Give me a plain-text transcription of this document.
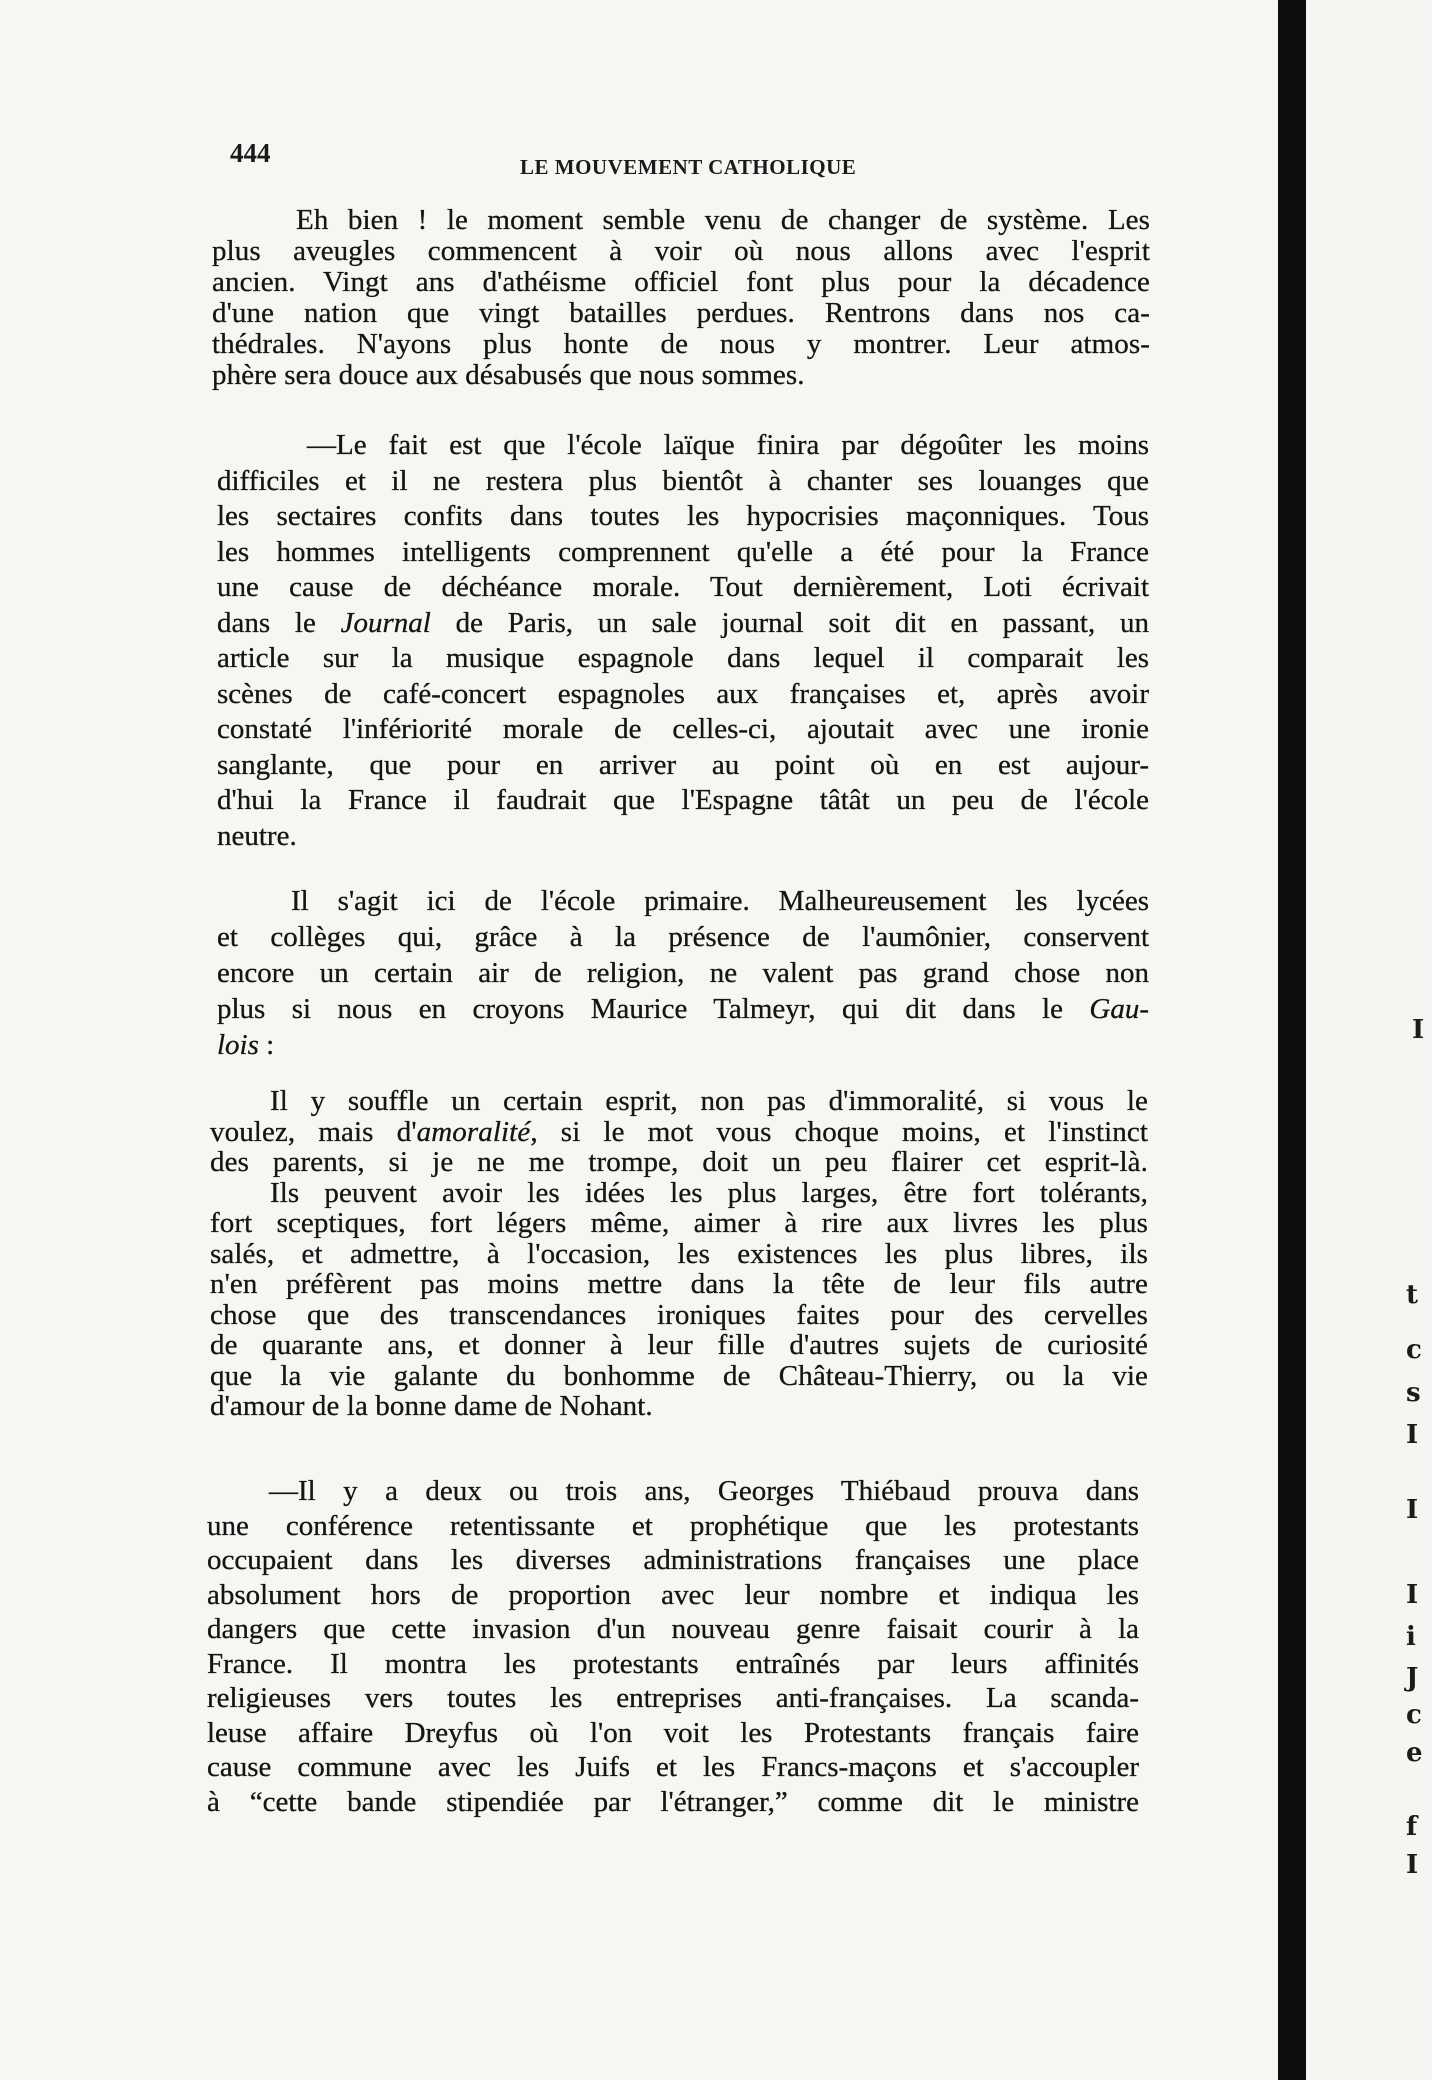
444	LE MOUVEMENT CATHOLIQUE
Eh bien ! le moment semble venu de changer de système. Les
plus aveugles commencent à voir où nous allons avec l'esprit
ancien. Vingt ans d'athéisme officiel font plus pour la décadence
d'une nation que vingt batailles perdues. Rentrons dans nos ca-
thédrales. N'ayons plus honte de nous y montrer. Leur atmos-
phère sera douce aux désabusés que nous sommes.
—Le fait est que l'école laïque finira par dégoûter les moins
difficiles et il ne restera plus bientôt à chanter ses louanges que
les sectaires confits dans toutes les hypocrisies maçonniques. Tous
les hommes intelligents comprennent qu'elle a été pour la France
une cause de déchéance morale. Tout dernièrement, Loti écrivait
dans le Journal de Paris, un sale journal soit dit en passant, un
article sur la musique espagnole dans lequel il comparait les
scènes de café-concert espagnoles aux françaises et, après avoir
constaté l'infériorité morale de celles-ci, ajoutait avec une ironie
sanglante, que pour en arriver au point où en est aujour-
d'hui la France il faudrait que l'Espagne tâtât un peu de l'école
neutre.
Il s'agit ici de l'école primaire. Malheureusement les lycées
et collèges qui, grâce à la présence de l'aumônier, conservent
encore un certain air de religion, ne valent pas grand chose non
plus si nous en croyons Maurice Talmeyr, qui dit dans le Gau-
lois :
Il y souffle un certain esprit, non pas d'immoralité, si vous le
voulez, mais d'amoralité, si le mot vous choque moins, et l'instinct
des parents, si je ne me trompe, doit un peu flairer cet esprit-là.
Ils peuvent avoir les idées les plus larges, être fort tolérants,
fort sceptiques, fort légers même, aimer à rire aux livres les plus
salés, et admettre, à l'occasion, les existences les plus libres, ils
n'en préfèrent pas moins mettre dans la tête de leur fils autre
chose que des transcendances ironiques faites pour des cervelles
de quarante ans, et donner à leur fille d'autres sujets de curiosité
que la vie galante du bonhomme de Château-Thierry, ou la vie
d'amour de la bonne dame de Nohant.
—Il y a deux ou trois ans, Georges Thiébaud prouva dans
une conférence retentissante et prophétique que les protestants
occupaient dans les diverses administrations françaises une place
absolument hors de proportion avec leur nombre et indiqua les
dangers que cette invasion d'un nouveau genre faisait courir à la
France. Il montra les protestants entraînés par leurs affinités
religieuses vers toutes les entreprises anti-françaises. La scanda-
leuse affaire Dreyfus où l'on voit les Protestants français faire
cause commune avec les Juifs et les Francs-maçons et s'accoupler
à “cette bande stipendiée par l'étranger,” comme dit le ministre
I
t
c
s
I
I
I
i
J
c
e
f
I
